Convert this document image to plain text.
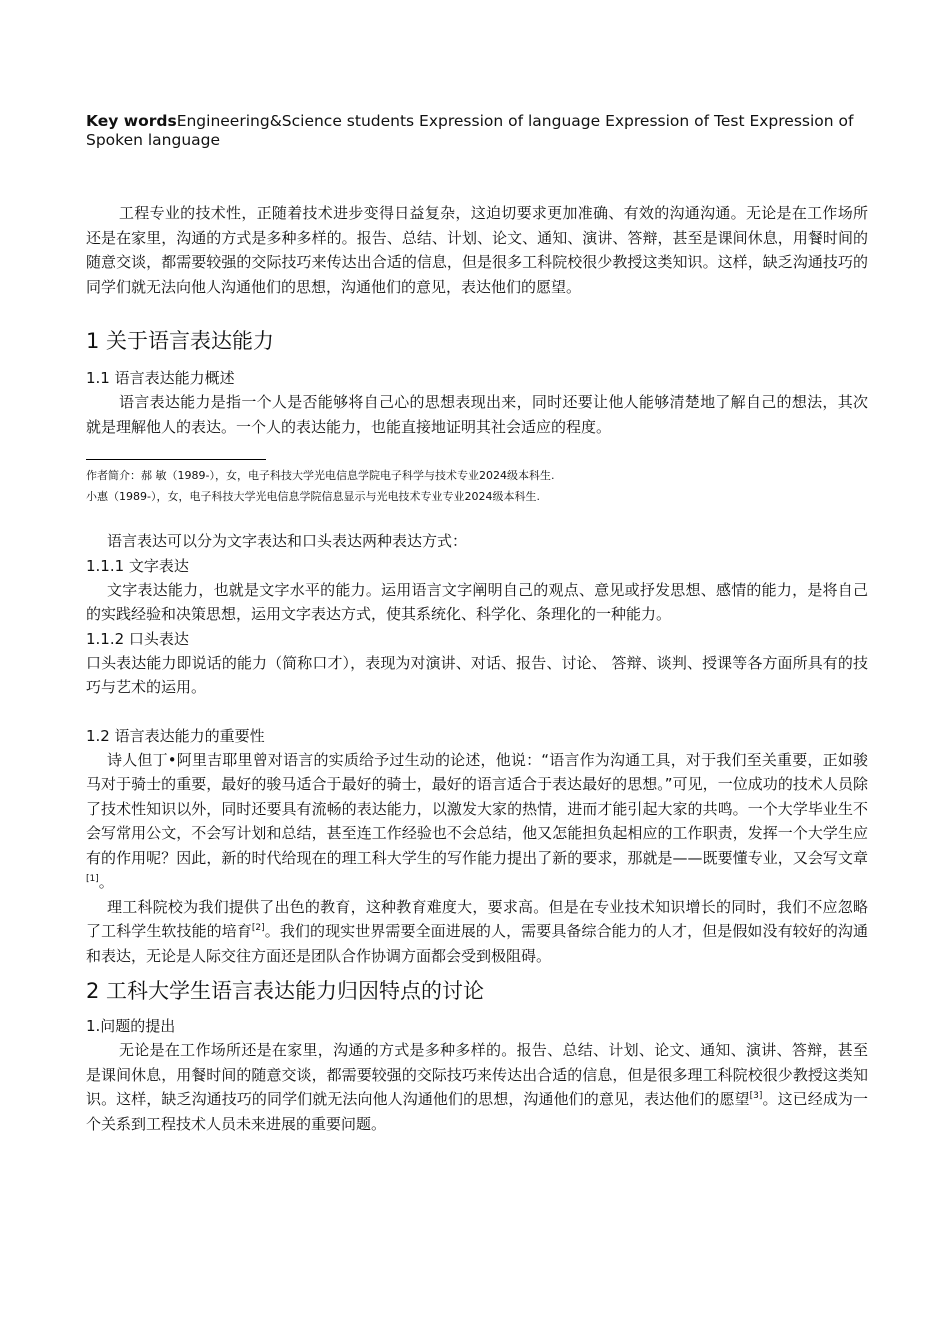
Key wordsEngineering&Science students Expression of language Expression of Test Expression of Spoken language

工程专业的技术性，正随着技术进步变得日益复杂，这迫切要求更加准确、有效的沟通沟通。无论是在工作场所还是在家里，沟通的方式是多种多样的。报告、总结、计划、论文、通知、演讲、答辩，甚至是课间休息，用餐时间的随意交谈，都需要较强的交际技巧来传达出合适的信息，但是很多工科院校很少教授这类知识。这样，缺乏沟通技巧的同学们就无法向他人沟通他们的思想，沟通他们的意见，表达他们的愿望。

1 关于语言表达能力
1.1 语言表达能力概述

语言表达能力是指一个人是否能够将自己心的思想表现出来，同时还要让他人能够清楚地了解自己的想法，其次就是理解他人的表达。一个人的表达能力，也能直接地证明其社会适应的程度。

作者简介：郝 敏（1989-），女，电子科技大学光电信息学院电子科学与技术专业2024级本科生.

小惠（1989-），女，电子科技大学光电信息学院信息显示与光电技术专业专业2024级本科生.

语言表达可以分为文字表达和口头表达两种表达方式：

1.1.1 文字表达

文字表达能力，也就是文字水平的能力。运用语言文字阐明自己的观点、意见或抒发思想、感情的能力，是将自己的实践经验和决策思想，运用文字表达方式，使其系统化、科学化、条理化的一种能力。

1.1.2 口头表达

口头表达能力即说话的能力（简称口才），表现为对演讲、对话、报告、讨论、 答辩、谈判、授课等各方面所具有的技巧与艺术的运用。

1.2 语言表达能力的重要性

诗人但丁•阿里吉耶里曾对语言的实质给予过生动的论述，他说：“语言作为沟通工具，对于我们至关重要，正如骏马对于骑士的重要，最好的骏马适合于最好的骑士，最好的语言适合于表达最好的思想。”可见，一位成功的技术人员除了技术性知识以外，同时还要具有流畅的表达能力，以激发大家的热情，进而才能引起大家的共鸣。一个大学毕业生不会写常用公文，不会写计划和总结，甚至连工作经验也不会总结，他又怎能担负起相应的工作职责，发挥一个大学生应有的作用呢？因此，新的时代给现在的理工科大学生的写作能力提出了新的要求，那就是——既要懂专业，又会写文章[1]。

理工科院校为我们提供了出色的教育，这种教育难度大，要求高。但是在专业技术知识增长的同时，我们不应忽略了工科学生软技能的培育[2]。我们的现实世界需要全面进展的人，需要具备综合能力的人才，但是假如没有较好的沟通和表达，无论是人际交往方面还是团队合作协调方面都会受到极阻碍。

2 工科大学生语言表达能力归因特点的讨论
1.问题的提出

无论是在工作场所还是在家里，沟通的方式是多种多样的。报告、总结、计划、论文、通知、演讲、答辩，甚至是课间休息，用餐时间的随意交谈，都需要较强的交际技巧来传达出合适的信息，但是很多理工科院校很少教授这类知识。这样，缺乏沟通技巧的同学们就无法向他人沟通他们的思想，沟通他们的意见，表达他们的愿望[3]。这已经成为一个关系到工程技术人员未来进展的重要问题。
